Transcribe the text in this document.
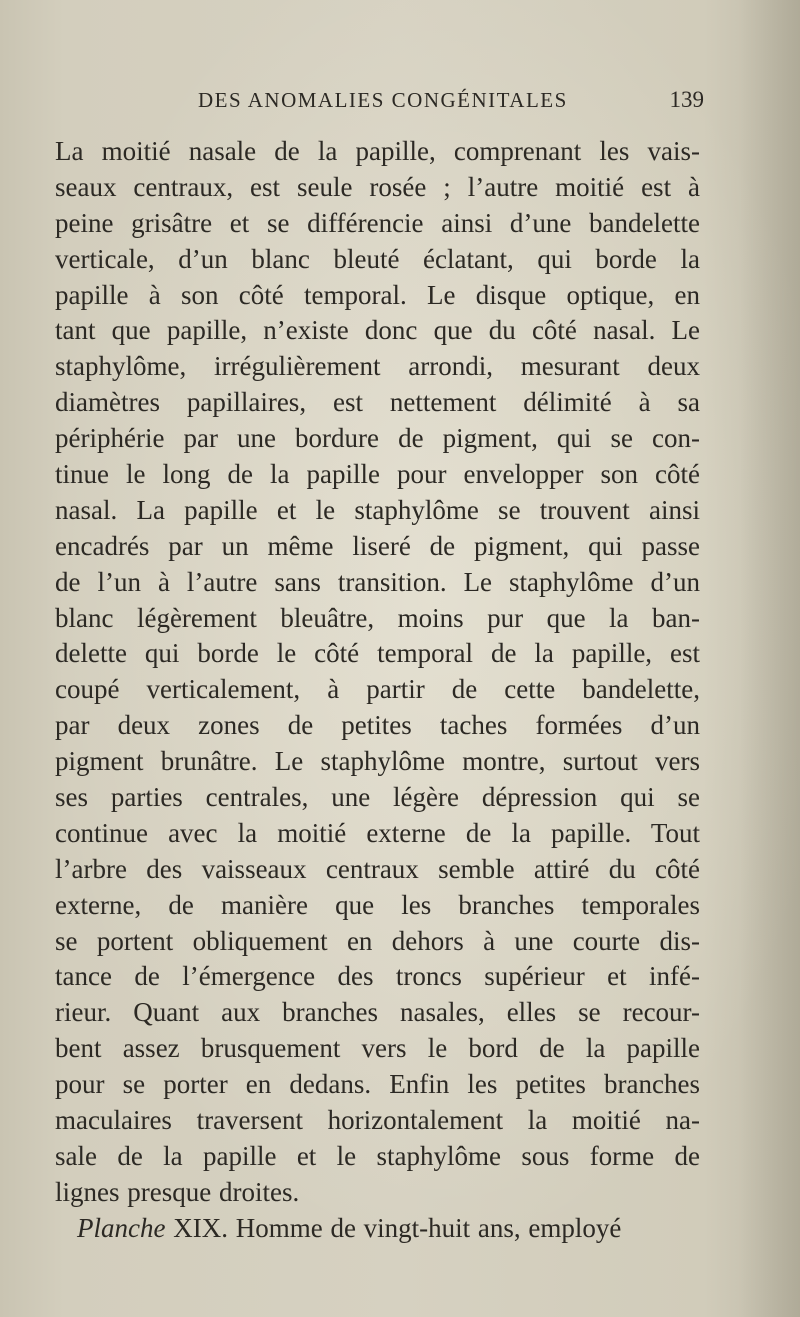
DES ANOMALIES CONGÉNITALES	139
La moitié nasale de la papille, comprenant les vais-
seaux centraux, est seule rosée ; l’autre moitié est à
peine grisâtre et se différencie ainsi d’une bandelette
verticale, d’un blanc bleuté éclatant, qui borde la
papille à son côté temporal. Le disque optique, en
tant que papille, n’existe donc que du côté nasal. Le
staphylôme, irrégulièrement arrondi, mesurant deux
diamètres papillaires, est nettement délimité à sa
périphérie par une bordure de pigment, qui se con-
tinue le long de la papille pour envelopper son côté
nasal. La papille et le staphylôme se trouvent ainsi
encadrés par un même liseré de pigment, qui passe
de l’un à l’autre sans transition. Le staphylôme d’un
blanc légèrement bleuâtre, moins pur que la ban-
delette qui borde le côté temporal de la papille, est
coupé verticalement, à partir de cette bandelette,
par deux zones de petites taches formées d’un
pigment brunâtre. Le staphylôme montre, surtout vers
ses parties centrales, une légère dépression qui se
continue avec la moitié externe de la papille. Tout
l’arbre des vaisseaux centraux semble attiré du côté
externe, de manière que les branches temporales
se portent obliquement en dehors à une courte dis-
tance de l’émergence des troncs supérieur et infé-
rieur. Quant aux branches nasales, elles se recour-
bent assez brusquement vers le bord de la papille
pour se porter en dedans. Enfin les petites branches
maculaires traversent horizontalement la moitié na-
sale de la papille et le staphylôme sous forme de
lignes presque droites.
Planche XIX. Homme de vingt-huit ans, employé
